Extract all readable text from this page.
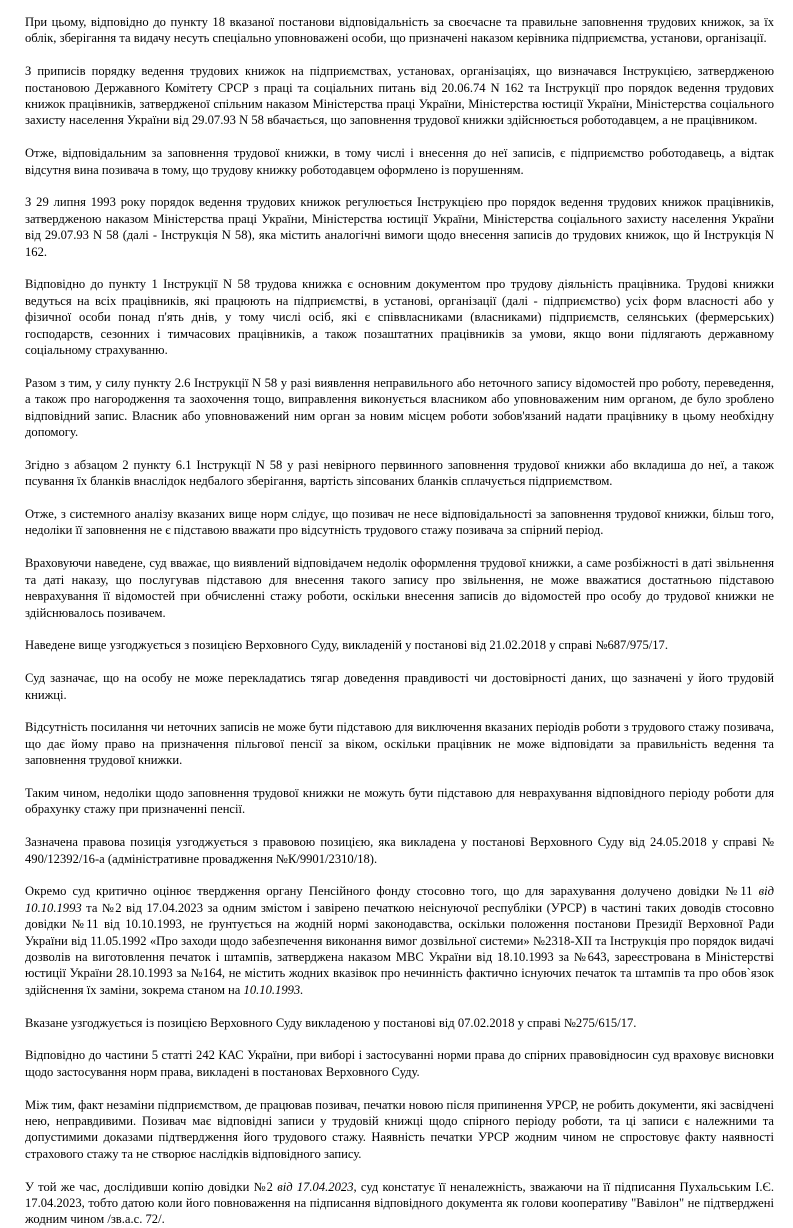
При цьому, відповідно до пункту 18 вказаної постанови відповідальність за своєчасне та правильне заповнення трудових книжок, за їх облік, зберігання та видачу несуть спеціально уповноважені особи, що призначені наказом керівника підприємства, установи, організації.

З приписів порядку ведення трудових книжок на підприємствах, установах, організаціях, що визначався Інструкцією, затвердженою постановою Державного Комітету СРСР з праці та соціальних питань від 20.06.74 N 162 та Інструкції про порядок ведення трудових книжок працівників, затвердженої спільним наказом Міністерства праці України, Міністерства юстиції України, Міністерства соціального захисту населення України від 29.07.93 N 58 вбачається, що заповнення трудової книжки здійснюється роботодавцем, а не працівником.

Отже, відповідальним за заповнення трудової книжки, в тому числі і внесення до неї записів, є підприємство роботодавець, а відтак відсутня вина позивача в тому, що трудову книжку роботодавцем оформлено із порушенням.

З 29 липня 1993 року порядок ведення трудових книжок регулюється Інструкцією про порядок ведення трудових книжок працівників, затвердженою наказом Міністерства праці України, Міністерства юстиції України, Міністерства соціального захисту населення України від 29.07.93 N 58 (далі - Інструкція N 58), яка містить аналогічні вимоги щодо внесення записів до трудових книжок, що й Інструкція N 162.

Відповідно до пункту 1 Інструкції N 58 трудова книжка є основним документом про трудову діяльність працівника. Трудові книжки ведуться на всіх працівників, які працюють на підприємстві, в установі, організації (далі - підприємство) усіх форм власності або у фізичної особи понад п'ять днів, у тому числі осіб, які є співвласниками (власниками) підприємств, селянських (фермерських) господарств, сезонних і тимчасових працівників, а також позаштатних працівників за умови, якщо вони підлягають державному соціальному страхуванню.

Разом з тим, у силу пункту 2.6 Інструкції N 58 у разі виявлення неправильного або неточного запису відомостей про роботу, переведення, а також про нагородження та заохочення тощо, виправлення виконується власником або уповноваженим ним органом, де було зроблено відповідний запис. Власник або уповноважений ним орган за новим місцем роботи зобов'язаний надати працівнику в цьому необхідну допомогу.

Згідно з абзацом 2 пункту 6.1 Інструкції N 58 у разі невірного первинного заповнення трудової книжки або вкладиша до неї, а також псування їх бланків внаслідок недбалого зберігання, вартість зіпсованих бланків сплачується підприємством.

Отже, з системного аналізу вказаних вище норм слідує, що позивач не несе відповідальності за заповнення трудової книжки, більш того, недоліки її заповнення не є підставою вважати про відсутність трудового стажу позивача за спірний період.

Враховуючи наведене, суд вважає, що виявлений відповідачем недолік оформлення трудової книжки, а саме розбіжності в даті звільнення та даті наказу, що послугував підставою для внесення такого запису про звільнення, не може вважатися достатньою підставою неврахування її відомостей при обчисленні стажу роботи, оскільки внесення записів до відомостей про особу до трудової книжки не здійснювалось позивачем.

Наведене вище узгоджується з позицією Верховного Суду, викладеній у постанові від 21.02.2018 у справі №687/975/17.

Суд зазначає, що на особу не може перекладатись тягар доведення правдивості чи достовірності даних, що зазначені у його трудовій книжці.

Відсутність посилання чи неточних записів не може бути підставою для виключення вказаних періодів роботи з трудового стажу позивача, що дає йому право на призначення пільгової пенсії за віком, оскільки працівник не може відповідати за правильність ведення та заповнення трудової книжки.

Таким чином, недоліки щодо заповнення трудової книжки не можуть бути підставою для неврахування відповідного періоду роботи для обрахунку стажу при призначенні пенсії.

Зазначена правова позиція узгоджується з правовою позицією, яка викладена у постанові Верховного Суду від 24.05.2018 у справі № 490/12392/16-а (адміністративне провадження №К/9901/2310/18).

Окремо суд критично оцінює твердження органу Пенсійного фонду стосовно того, що для зарахування долучено довідки №11 від 10.10.1993 та №2 від 17.04.2023 за одним змістом і завірено печаткою неіснуючої республіки (УРСР) в частині таких доводів стосовно довідки №11 від 10.10.1993, не ґрунтується на жодній нормі законодавства, оскільки положення постанови Президії Верховної Ради України від 11.05.1992 «Про заходи щодо забезпечення виконання вимог дозвільної системи» №2318-XII та Інструкція про порядок видачі дозволів на виготовлення печаток і штампів, затверджена наказом МВС України від 18.10.1993 за №643, зареєстрована в Міністерстві юстиції України 28.10.1993 за №164, не містить жодних вказівок про нечинність фактично існуючих печаток та штампів та про обов`язок здійснення їх заміни, зокрема станом на 10.10.1993.

Вказане узгоджується із позицією Верховного Суду викладеною у постанові від 07.02.2018 у справі №275/615/17.

Відповідно до частини 5 статті 242 КАС України, при виборі і застосуванні норми права до спірних правовідносин суд враховує висновки щодо застосування норм права, викладені в постановах Верховного Суду.

Між тим, факт незаміни підприємством, де працював позивач, печатки новою після припинення УРСР, не робить документи, які засвідчені нею, неправдивими. Позивач має відповідні записи у трудовій книжці щодо спірного періоду роботи, та ці записи є належними та допустимими доказами підтвердження його трудового стажу. Наявність печатки УРСР жодним чином не спростовує факту наявності страхового стажу та не створює наслідків відповідного запису.

У той же час, дослідивши копію довідки №2 від 17.04.2023, суд констатує її неналежність, зважаючи на її підписання Пухальським І.Є. 17.04.2023, тобто датою коли його повноваження на підписання відповідного документа як голови кооперативу "Вавілон" не підтверджені жодним чином /зв.а.с. 72/.
